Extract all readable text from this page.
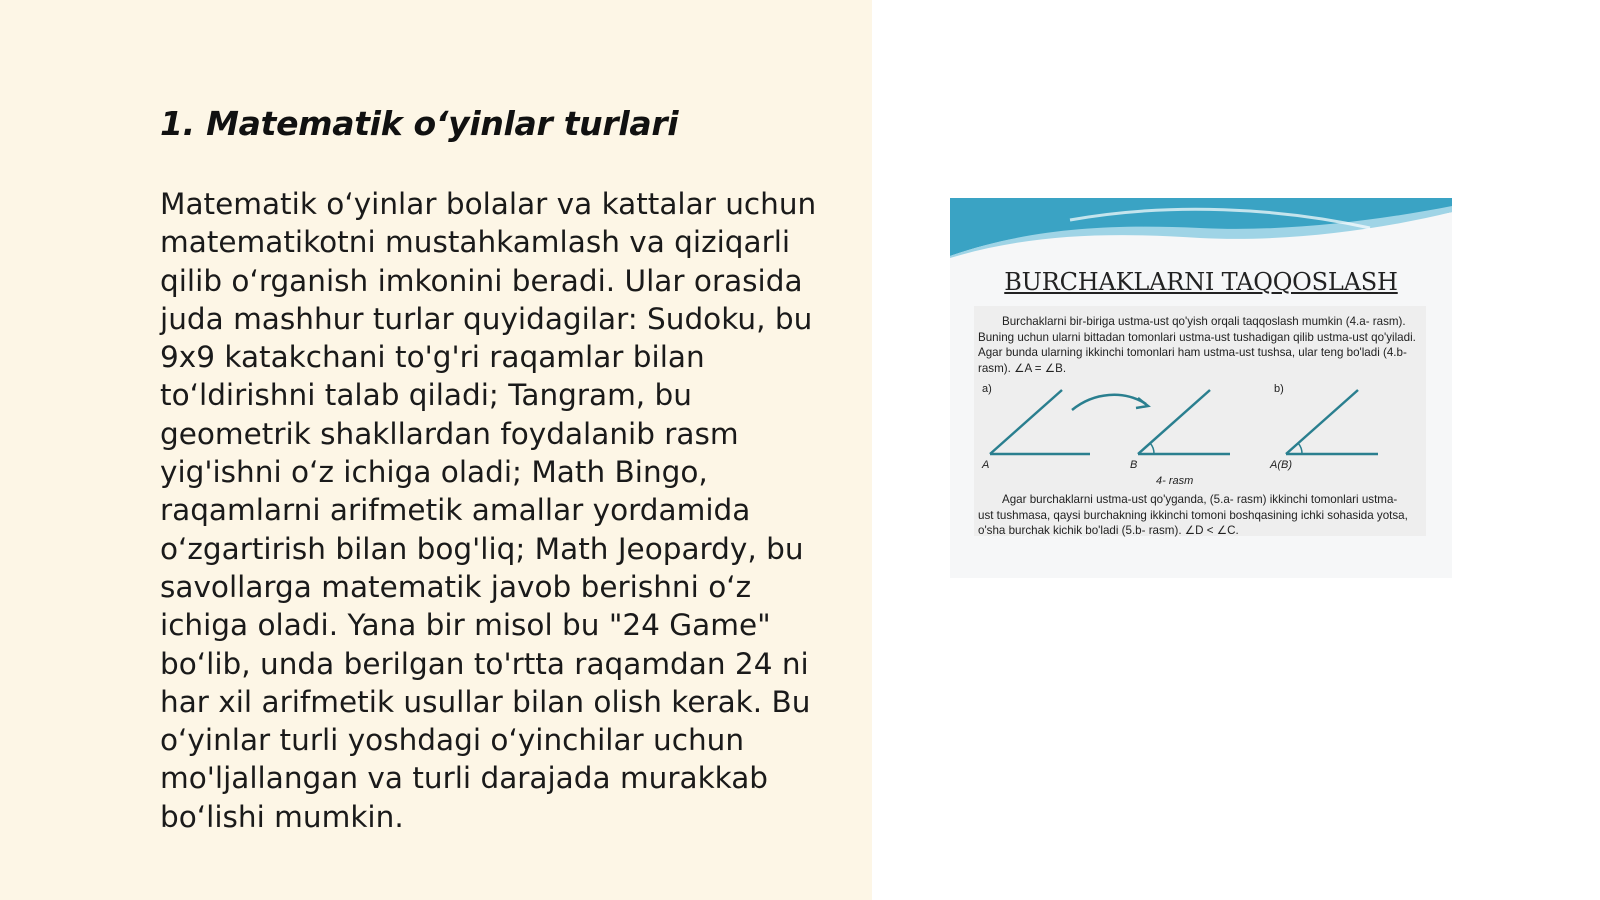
1. Matematik o‘yinlar turlari
Matematik o‘yinlar bolalar va kattalar uchun
matematikotni mustahkamlash va qiziqarli
qilib o‘rganish imkonini beradi. Ular orasida
juda mashhur turlar quyidagilar: Sudoku, bu
9x9 katakchani to'g'ri raqamlar bilan
to‘ldirishni talab qiladi; Tangram, bu
geometrik shakllardan foydalanib rasm
yig'ishni o‘z ichiga oladi; Math Bingo,
raqamlarni arifmetik amallar yordamida
o‘zgartirish bilan bog'liq; Math Jeopardy, bu
savollarga matematik javob berishni o‘z
ichiga oladi. Yana bir misol bu "24 Game"
bo‘lib, unda berilgan to'rtta raqamdan 24 ni
har xil arifmetik usullar bilan olish kerak. Bu
o‘yinlar turli yoshdagi o‘yinchilar uchun
mo'ljallangan va turli darajada murakkab
bo‘lishi mumkin.
BURCHAKLARNI TAQQOSLASH
Burchaklarni bir-biriga ustma-ust qo'yish orqali taqqoslash mumkin (4.a- rasm).
Buning uchun ularni bittadan tomonlari ustma-ust tushadigan qilib ustma-ust qo'yiladi.
Agar bunda ularning ikkinchi tomonlari ham ustma-ust tushsa, ular teng bo'ladi (4.b-
rasm). ∠A = ∠B.
a)	b)
A	B	A(B)
4- rasm
Agar burchaklarni ustma-ust qo'yganda, (5.a- rasm) ikkinchi tomonlari ustma-
ust tushmasa, qaysi burchakning ikkinchi tomoni boshqasining ichki sohasida yotsa,
o'sha burchak kichik bo'ladi (5.b- rasm). ∠D < ∠C.
